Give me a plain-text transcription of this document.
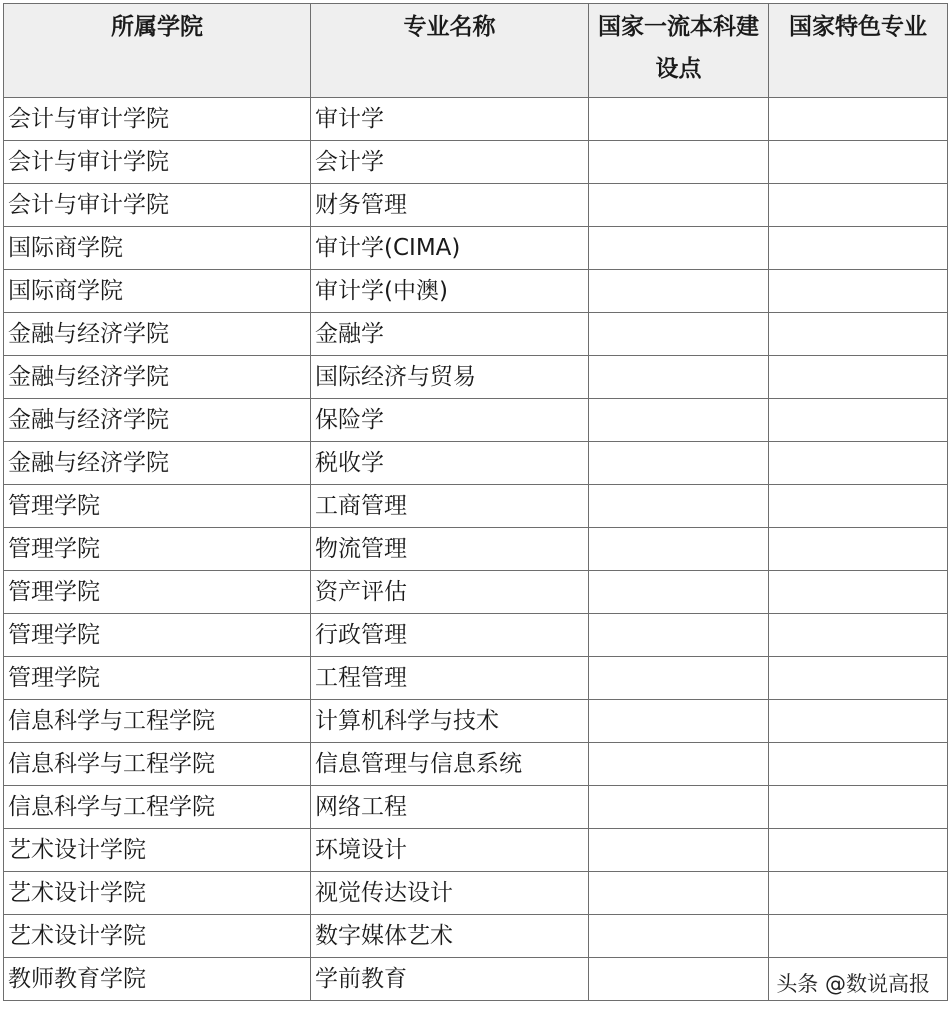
所属学院	专业名称	国家一流本科建设点	国家特色专业
会计与审计学院	审计学		
会计与审计学院	会计学		
会计与审计学院	财务管理		
国际商学院	审计学(CIMA)		
国际商学院	审计学(中澳)		
金融与经济学院	金融学		
金融与经济学院	国际经济与贸易		
金融与经济学院	保险学		
金融与经济学院	税收学		
管理学院	工商管理		
管理学院	物流管理		
管理学院	资产评估		
管理学院	行政管理		
管理学院	工程管理		
信息科学与工程学院	计算机科学与技术		
信息科学与工程学院	信息管理与信息系统		
信息科学与工程学院	网络工程		
艺术设计学院	环境设计		
艺术设计学院	视觉传达设计		
艺术设计学院	数字媒体艺术		
教师教育学院	学前教育			头条 @数说高报
